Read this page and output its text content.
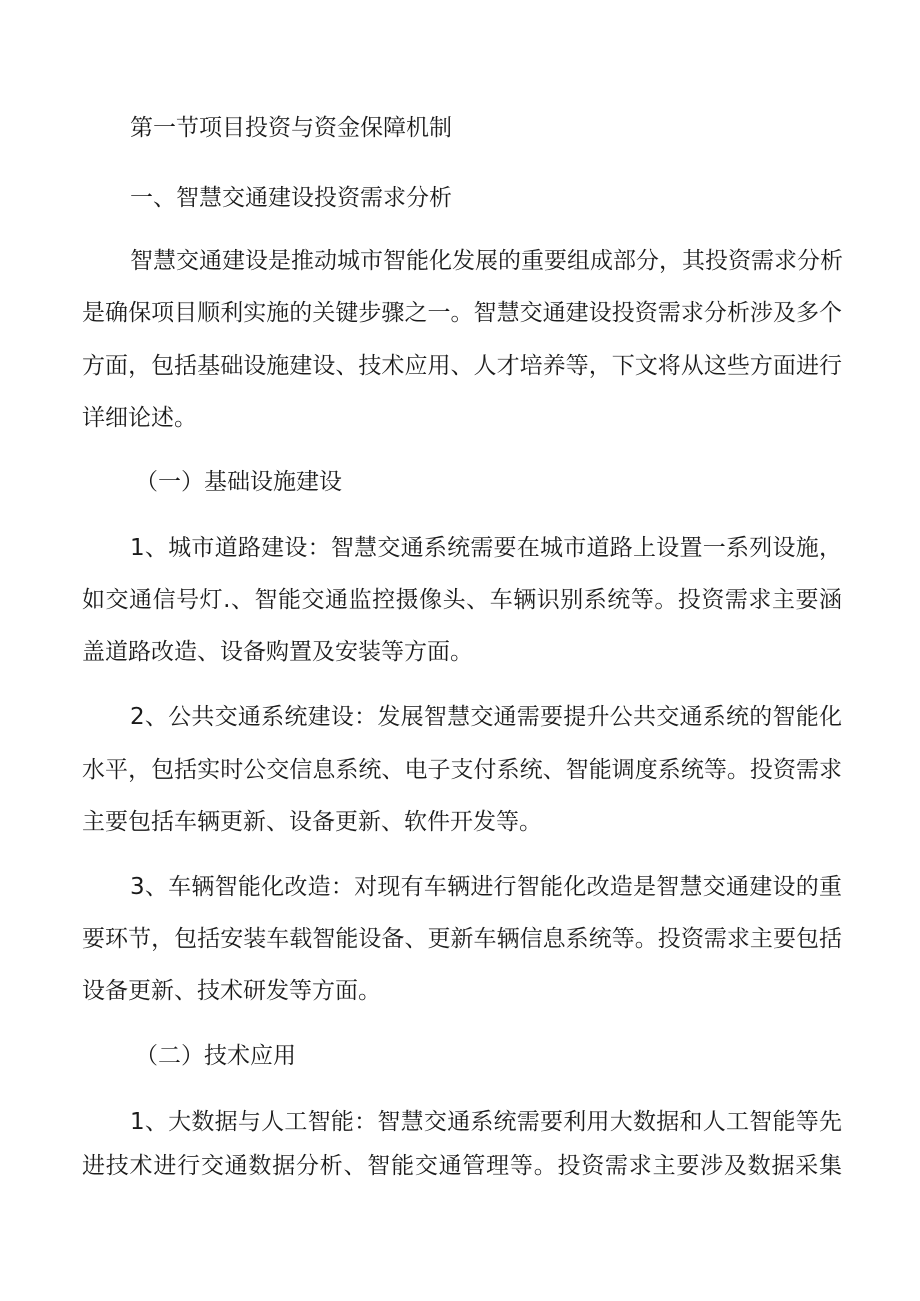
第一节项目投资与资金保障机制
一、智慧交通建设投资需求分析
智慧交通建设是推动城市智能化发展的重要组成部分，其投资需求分析
是确保项目顺利实施的关键步骤之一。智慧交通建设投资需求分析涉及多个
方面，包括基础设施建设、技术应用、人才培养等，下文将从这些方面进行
详细论述。
（一）基础设施建设
1、城市道路建设：智慧交通系统需要在城市道路上设置一系列设施，
如交通信号灯.、智能交通监控摄像头、车辆识别系统等。投资需求主要涵
盖道路改造、设备购置及安装等方面。
2、公共交通系统建设：发展智慧交通需要提升公共交通系统的智能化
水平，包括实时公交信息系统、电子支付系统、智能调度系统等。投资需求
主要包括车辆更新、设备更新、软件开发等。
3、车辆智能化改造：对现有车辆进行智能化改造是智慧交通建设的重
要环节，包括安装车载智能设备、更新车辆信息系统等。投资需求主要包括
设备更新、技术研发等方面。
（二）技术应用
1、大数据与人工智能：智慧交通系统需要利用大数据和人工智能等先
进技术进行交通数据分析、智能交通管理等。投资需求主要涉及数据采集
